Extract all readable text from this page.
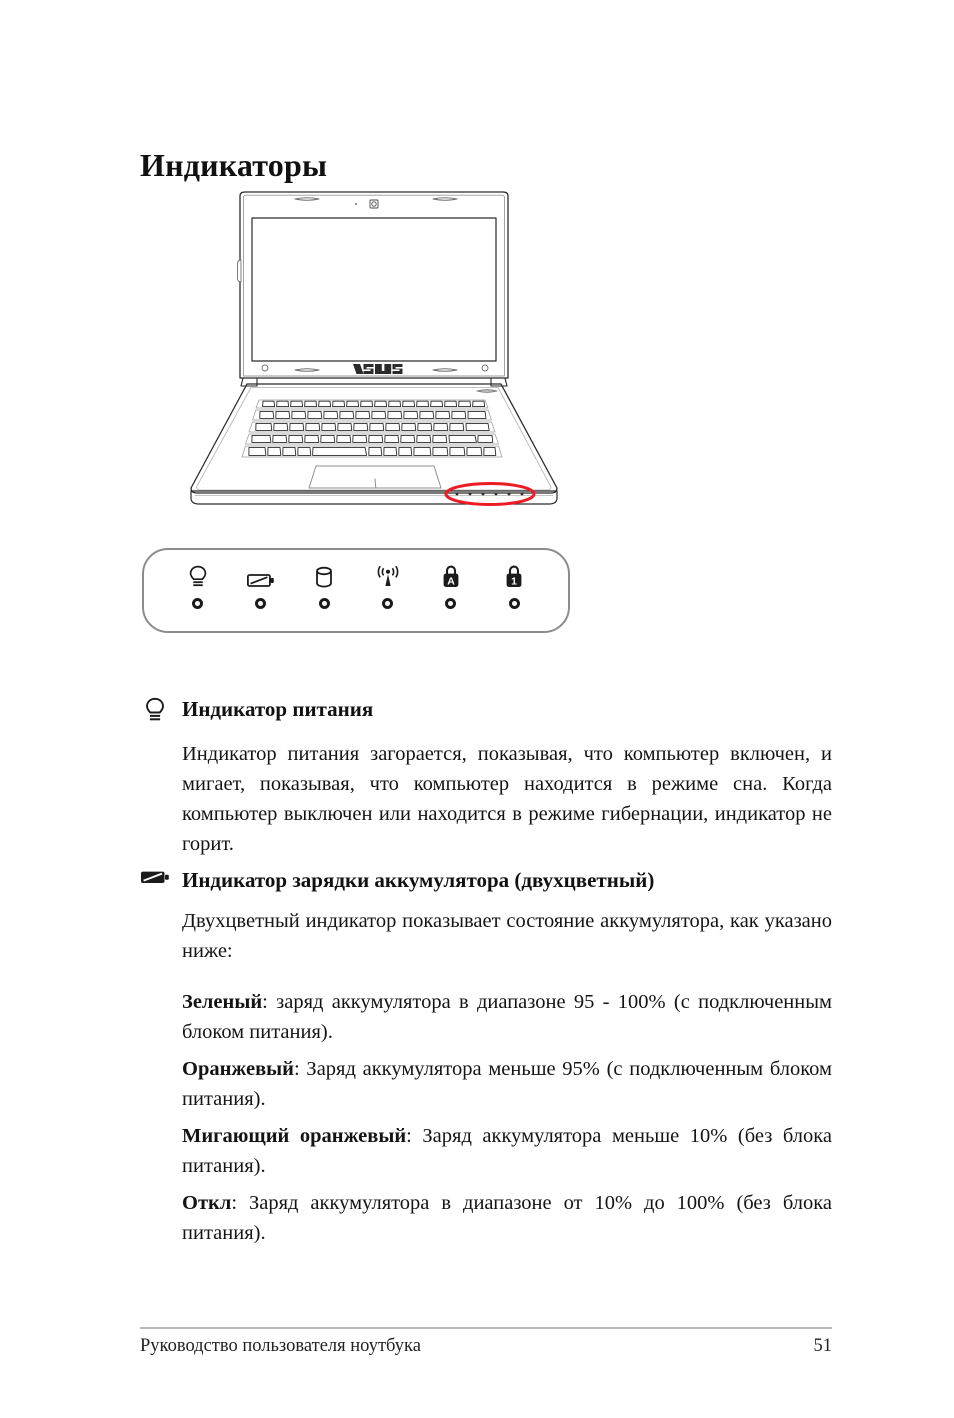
Индикаторы
A	1
Индикатор питания

Индикатор питания загорается, показывая, что компьютер включен, и мигает, показывая, что компьютер находится в режиме сна. Когда компьютер выключен или находится в режиме гибернации, индикатор не горит.

Индикатор зарядки аккумулятора (двухцветный)

Двухцветный индикатор показывает состояние аккумулятора, как указано ниже:

Зеленый: заряд аккумулятора в диапазоне 95 - 100% (с подключенным блоком питания).

Оранжевый: Заряд аккумулятора меньше 95% (с подключенным блоком питания).

Мигающий оранжевый: Заряд аккумулятора меньше 10% (без блока питания).

Откл: Заряд аккумулятора в диапазоне от 10% до 100% (без блока питания).

Руководство пользователя ноутбука	51
